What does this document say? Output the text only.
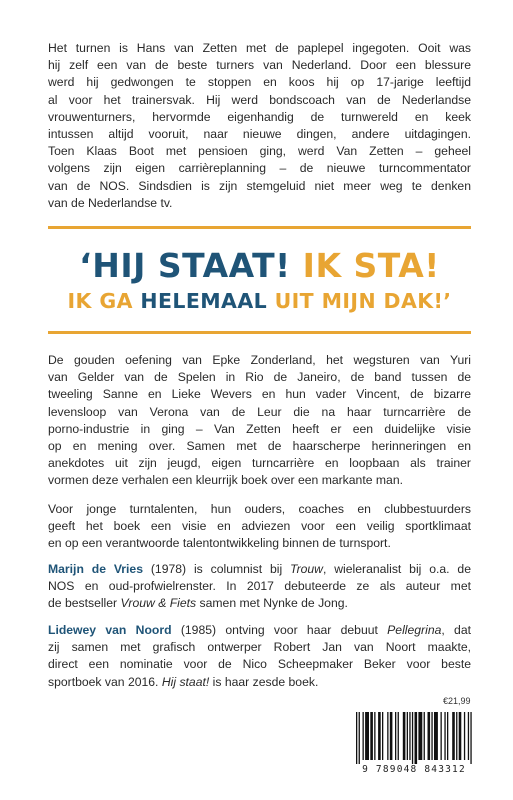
Het turnen is Hans van Zetten met de paplepel ingegoten. Ooit was
hij zelf een van de beste turners van Nederland. Door een blessure
werd hij gedwongen te stoppen en koos hij op 17-jarige leeftijd
al voor het trainersvak. Hij werd bondscoach van de Nederlandse
vrouwenturners, hervormde eigenhandig de turnwereld en keek
intussen altijd vooruit, naar nieuwe dingen, andere uitdagingen.
Toen Klaas Boot met pensioen ging, werd Van Zetten – geheel
volgens zijn eigen carrièreplanning – de nieuwe turncommentator
van de NOS. Sindsdien is zijn stemgeluid niet meer weg te denken
van de Nederlandse tv.
‘HIJ STAAT! IK STA!
IK GA HELEMAAL UIT MIJN DAK!’
De gouden oefening van Epke Zonderland, het wegsturen van Yuri
van Gelder van de Spelen in Rio de Janeiro, de band tussen de
tweeling Sanne en Lieke Wevers en hun vader Vincent, de bizarre
levensloop van Verona van de Leur die na haar turncarrière de
porno-industrie in ging – Van Zetten heeft er een duidelijke visie
op en mening over. Samen met de haarscherpe herinneringen en
anekdotes uit zijn jeugd, eigen turncarrière en loopbaan als trainer
vormen deze verhalen een kleurrijk boek over een markante man.
Voor jonge turntalenten, hun ouders, coaches en clubbestuurders
geeft het boek een visie en adviezen voor een veilig sportklimaat
en op een verantwoorde talentontwikkeling binnen de turnsport.
Marijn de Vries (1978) is columnist bij Trouw, wieleranalist bij o.a. de
NOS en oud-profwielrenster. In 2017 debuteerde ze als auteur met
de bestseller Vrouw & Fiets samen met Nynke de Jong.
Lidewey van Noord (1985) ontving voor haar debuut Pellegrina, dat
zij samen met grafisch ontwerper Robert Jan van Noort maakte,
direct een nominatie voor de Nico Scheepmaker Beker voor beste
sportboek van 2016. Hij staat! is haar zesde boek.
€21,99
9 789048 843312
